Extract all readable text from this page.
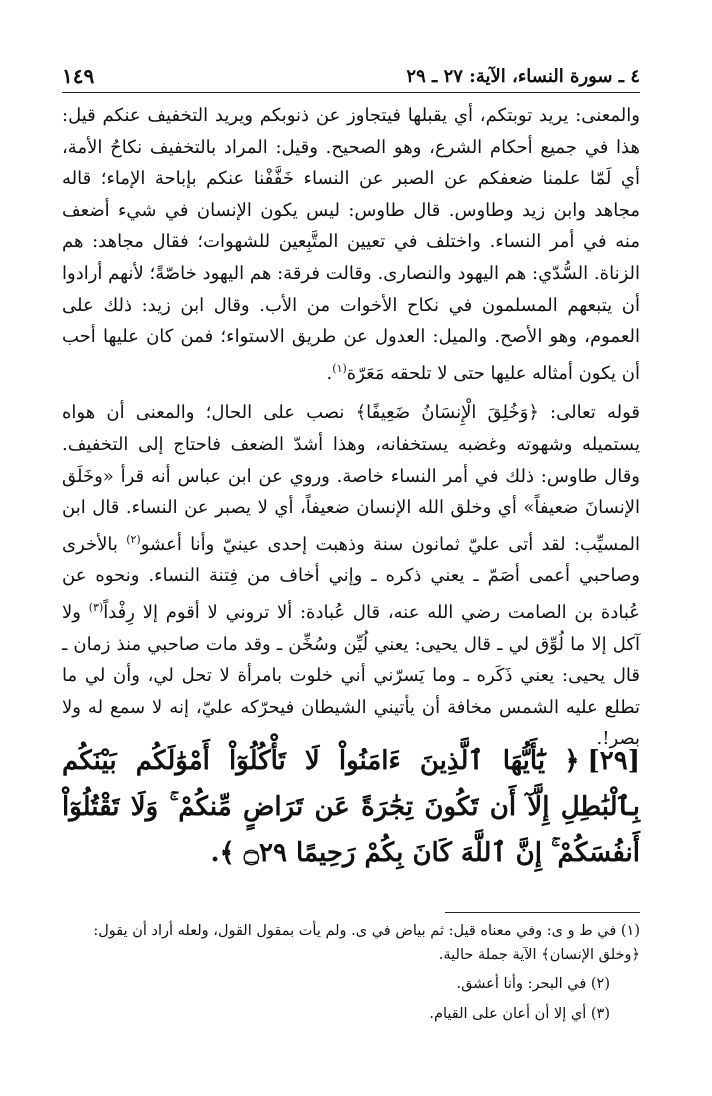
٤ ـ سورة النساء، الآية: ٢٧ ـ ٢٩
١٤٩

والمعنى: يريد توبتكم، أي يقبلها فيتجاوز عن ذنوبكم ويريد التخفيف عنكم قيل: هذا في جميع أحكام الشرع، وهو الصحيح. وقيل: المراد بالتخفيف نكاحُ الأمة، أي لَمّا علمنا ضعفكم عن الصبر عن النساء خَفَّفْنا عنكم بإباحة الإماء؛ قاله مجاهد وابن زيد وطاوس. قال طاوس: ليس يكون الإنسان في شيء أضعف منه في أمر النساء. واختلف في تعيين المتَّبِعين للشهوات؛ فقال مجاهد: هم الزناة. السُّدّي: هم اليهود والنصارى. وقالت فرقة: هم اليهود خاصّةً؛ لأنهم أرادوا أن يتبعهم المسلمون في نكاح الأخوات من الأب. وقال ابن زيد: ذلك على العموم، وهو الأصح. والميل: العدول عن طريق الاستواء؛ فمن كان عليها أحب أن يكون أمثاله عليها حتى لا تلحقه مَعَرّة$^{(١)}$.

قوله تعالى: ﴿وَخُلِقَ الْإِنسَانُ ضَعِيفًا﴾ نصب على الحال؛ والمعنى أن هواه يستميله وشهوته وغضبه يستخفانه، وهذا أشدّ الضعف فاحتاج إلى التخفيف. وقال طاوس: ذلك في أمر النساء خاصة. وروي عن ابن عباس أنه قرأ «وخَلَق الإنسانَ ضعيفاً» أي وخلق الله الإنسان ضعيفاً، أي لا يصبر عن النساء. قال ابن المسيِّب: لقد أتى عليّ ثمانون سنة وذهبت إحدى عينيّ وأنا أعشو$^{(٢)}$ بالأخرى وصاحبي أعمى أصَمّ ـ يعني ذكره ـ وإني أخاف من فِتنة النساء. ونحوه عن عُبادة بن الصامت رضي الله عنه، قال عُبادة: ألا تروني لا أقوم إلا رِفْداً$^{(٣)}$ ولا آكل إلا ما لُوِّق لي ـ قال يحيى: يعني لُيِّن وسُخِّن ـ وقد مات صاحبي منذ زمان ـ قال يحيى: يعني ذَكَره ـ وما يَسرّني أني خلوت بامرأة لا تحل لي، وأن لي ما تطلع عليه الشمس مخافة أن يأتيني الشيطان فيحرّكه عليّ، إنه لا سمع له ولا بصر!.

[٢٩]﴿ يَٰٓأَيُّهَا ٱلَّذِينَ ءَامَنُواْ لَا تَأْكُلُوٓاْ أَمْوَٰلَكُم بَيْنَكُم بِٱلْبَٰطِلِ إِلَّآ أَن تَكُونَ تِجَٰرَةً عَن تَرَاضٍ مِّنكُمْ ۚ وَلَا تَقْتُلُوٓاْ أَنفُسَكُمْ ۚ إِنَّ ٱللَّهَ كَانَ بِكُمْ رَحِيمًا ۝٢٩ ﴾.

(١) في ط و ى: وفي معناه قيل: ثم بياض في ى. ولم يأت بمقول القول، ولعله أراد أن يقول: ﴿وخلق الإنسان﴾ الآية جملة حالية.

(٢) في البحر: وأنا أعشق.

(٣) أي إلا أن أعان على القيام.
